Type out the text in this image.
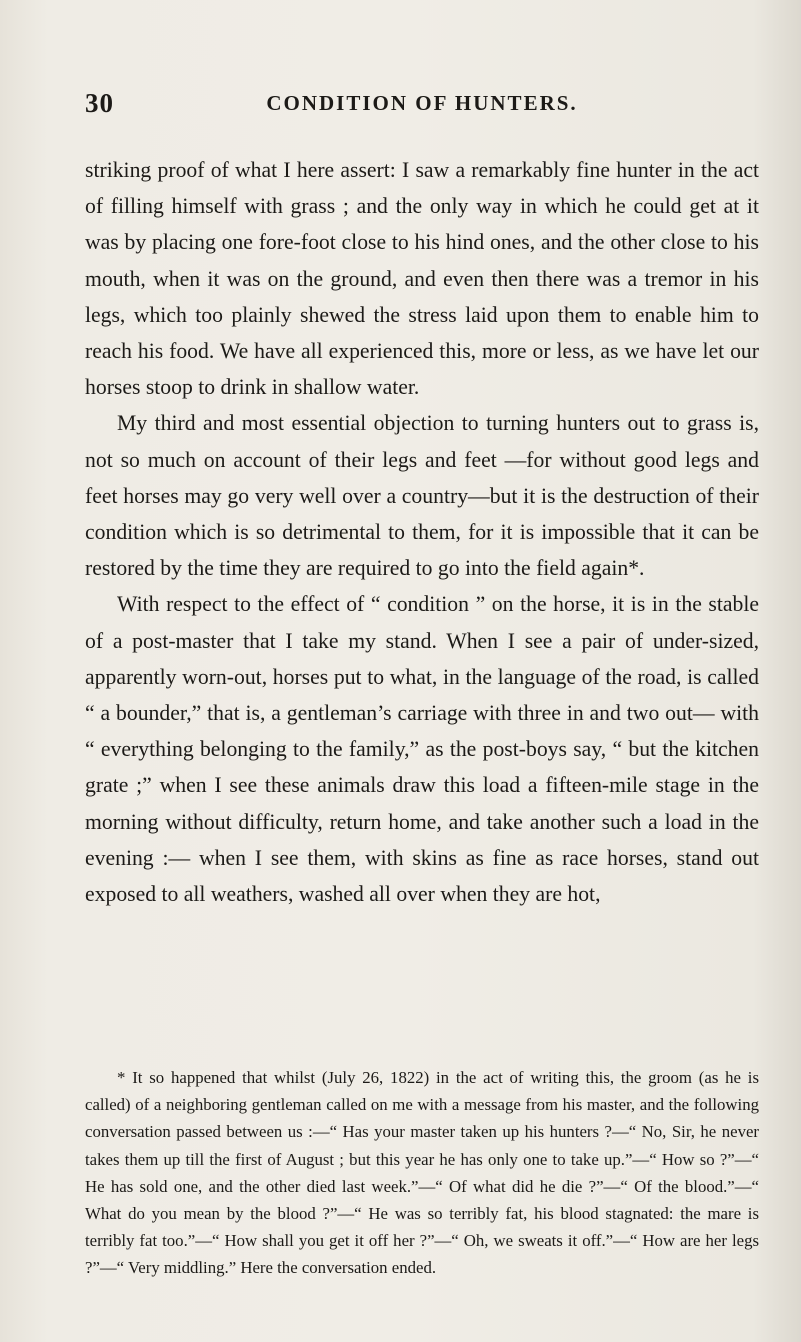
30	CONDITION OF HUNTERS.

striking proof of what I here assert: I saw a remarkably fine hunter in the act of filling himself with grass ; and the only way in which he could get at it was by placing one fore-foot close to his hind ones, and the other close to his mouth, when it was on the ground, and even then there was a tremor in his legs, which too plainly shewed the stress laid upon them to enable him to reach his food. We have all experienced this, more or less, as we have let our horses stoop to drink in shallow water.

My third and most essential objection to turning hunters out to grass is, not so much on account of their legs and feet —for without good legs and feet horses may go very well over a country—but it is the destruction of their condition which is so detrimental to them, for it is impossible that it can be restored by the time they are required to go into the field again*.

With respect to the effect of “ condition ” on the horse, it is in the stable of a post-master that I take my stand. When I see a pair of under-sized, apparently worn-out, horses put to what, in the language of the road, is called “ a bounder,” that is, a gentleman’s carriage with three in and two out— with “ everything belonging to the family,” as the post-boys say, “ but the kitchen grate ;” when I see these animals draw this load a fifteen-mile stage in the morning without difficulty, return home, and take another such a load in the evening :— when I see them, with skins as fine as race horses, stand out exposed to all weathers, washed all over when they are hot,

* It so happened that whilst (July 26, 1822) in the act of writing this, the groom (as he is called) of a neighboring gentleman called on me with a message from his master, and the following conversation passed between us :—“ Has your master taken up his hunters ?—“ No, Sir, he never takes them up till the first of August ; but this year he has only one to take up.”—“ How so ?”—“ He has sold one, and the other died last week.”—“ Of what did he die ?”—“ Of the blood.”—“ What do you mean by the blood ?”—“ He was so terribly fat, his blood stagnated: the mare is terribly fat too.”—“ How shall you get it off her ?”—“ Oh, we sweats it off.”—“ How are her legs ?”—“ Very middling.” Here the conversation ended.
